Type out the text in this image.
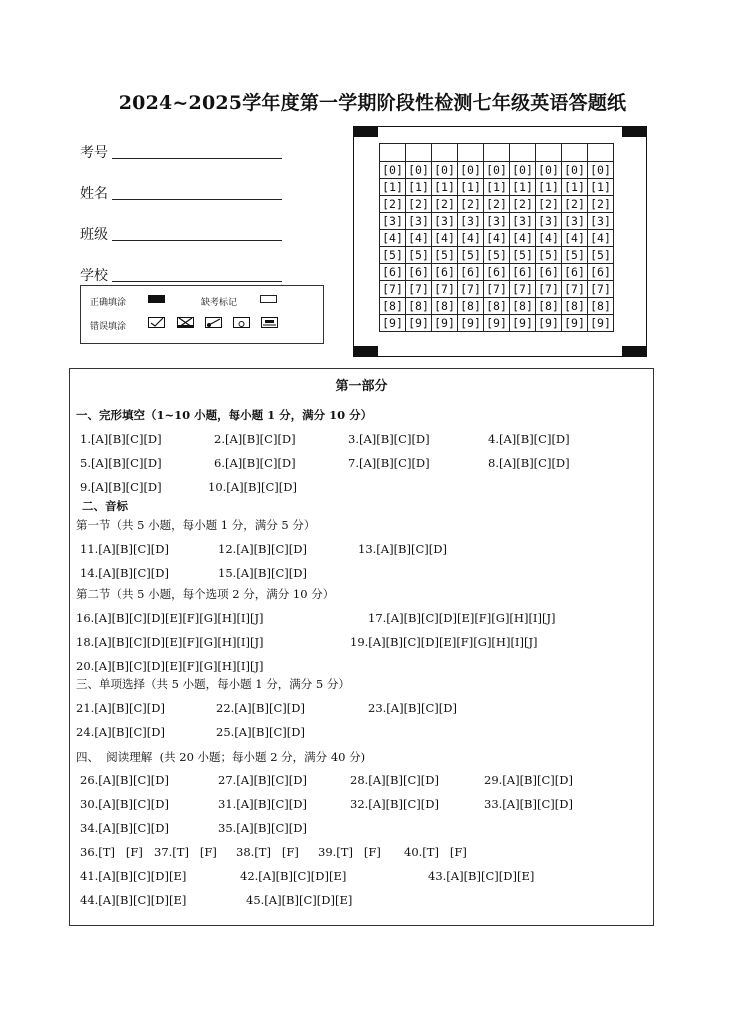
2024~2025学年度第一学期阶段性检测七年级英语答题纸
考号
姓名
班级
学校
正确填涂	缺考标记
错误填涂

[0]	[0]	[0]	[0]	[0]	[0]	[0]	[0]	[0]
[1]	[1]	[1]	[1]	[1]	[1]	[1]	[1]	[1]
[2]	[2]	[2]	[2]	[2]	[2]	[2]	[2]	[2]
[3]	[3]	[3]	[3]	[3]	[3]	[3]	[3]	[3]
[4]	[4]	[4]	[4]	[4]	[4]	[4]	[4]	[4]
[5]	[5]	[5]	[5]	[5]	[5]	[5]	[5]	[5]
[6]	[6]	[6]	[6]	[6]	[6]	[6]	[6]	[6]
[7]	[7]	[7]	[7]	[7]	[7]	[7]	[7]	[7]
[8]	[8]	[8]	[8]	[8]	[8]	[8]	[8]	[8]
[9]	[9]	[9]	[9]	[9]	[9]	[9]	[9]	[9]
第一部分
一、完形填空（1~10 小题，每小题 1 分，满分 10 分）
1.[A][B][C][D]	2.[A][B][C][D]	3.[A][B][C][D]	4.[A][B][C][D]
5.[A][B][C][D]	6.[A][B][C][D]	7.[A][B][C][D]	8.[A][B][C][D]
9.[A][B][C][D]	10.[A][B][C][D]
二、音标
第一节（共 5 小题，每小题 1 分，满分 5 分）
11.[A][B][C][D]	12.[A][B][C][D]	13.[A][B][C][D]
14.[A][B][C][D]	15.[A][B][C][D]
第二节（共 5 小题，每个选项 2 分，满分 10 分）
16.[A][B][C][D][E][F][G][H][I][J]	17.[A][B][C][D][E][F][G][H][I][J]
18.[A][B][C][D][E][F][G][H][I][J]	19.[A][B][C][D][E][F][G][H][I][J]
20.[A][B][C][D][E][F][G][H][I][J]
三、单项选择（共 5 小题，每小题 1 分，满分 5 分）
21.[A][B][C][D]	22.[A][B][C][D]	23.[A][B][C][D]
24.[A][B][C][D]	25.[A][B][C][D]
四、  阅读理解  (共 20 小题；每小题 2 分，满分 40 分)
26.[A][B][C][D]	27.[A][B][C][D]	28.[A][B][C][D]	29.[A][B][C][D]
30.[A][B][C][D]	31.[A][B][C][D]	32.[A][B][C][D]	33.[A][B][C][D]
34.[A][B][C][D]	35.[A][B][C][D]
36.[T]   [F] 37.[T]   [F] 38.[T]   [F] 39.[T]   [F] 40.[T]   [F]
41.[A][B][C][D][E]	42.[A][B][C][D][E]	43.[A][B][C][D][E]
44.[A][B][C][D][E]	45.[A][B][C][D][E]
